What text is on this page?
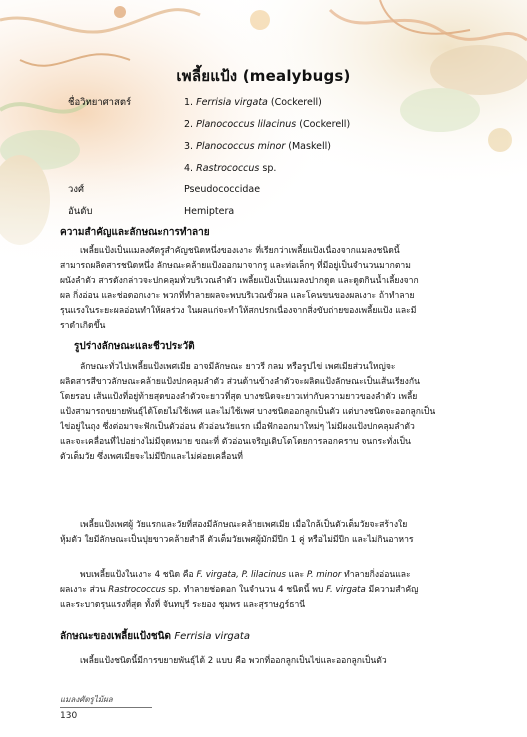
เพลี้ยแป้ง (mealybugs)
ชื่อวิทยาศาสตร์	1. Ferrisia virgata (Cockerell)
2. Planococcus lilacinus (Cockerell)
3. Planococcus minor (Maskell)
4. Rastrococcus sp.
วงศ์	Pseudococcidae
อันดับ	Hemiptera
ความสำคัญและลักษณะการทำลาย
เพลี้ยแป้งเป็นแมลงศัตรูสำคัญชนิดหนึ่งของเงาะ ที่เรียกว่าเพลี้ยแป้งเนื่องจากแมลงชนิดนี้
สามารถผลิตสารชนิดหนึ่ง ลักษณะคล้ายแป้งออกมาจากรู และท่อเล็กๆ ที่มีอยู่เป็นจำนวนมากตาม
ผนังลำตัว สารดังกล่าวจะปกคลุมทั่วบริเวณลำตัว เพลี้ยแป้งเป็นแมลงปากดูด และดูดกินน้ำเลี้ยงจาก
ผล กิ่งอ่อน และช่อดอกเงาะ พวกที่ทำลายผลจะพบบริเวณขั้วผล และโคนขนของผลเงาะ ถ้าทำลาย
รุนแรงในระยะผลอ่อนทำให้ผลร่วง ในผลแก่จะทำให้สกปรกเนื่องจากสิ่งขับถ่ายของเพลี้ยแป้ง และมี
ราดำเกิดขึ้น
รูปร่างลักษณะและชีวประวัติ
ลักษณะทั่วไปเพลี้ยแป้งเพศเมีย อาจมีลักษณะ ยาวรี กลม หรือรูปไข่ เพศเมียส่วนใหญ่จะ
ผลิตสารสีขาวลักษณะคล้ายแป้งปกคลุมลำตัว ส่วนด้านข้างลำตัวจะผลิตแป้งลักษณะเป็นเส้นเรียงกัน
โดยรอบ เส้นแป้งที่อยู่ท้ายสุดของลำตัวจะยาวที่สุด บางชนิดจะยาวเท่ากับความยาวของลำตัว เพลี้ย
แป้งสามารถขยายพันธุ์ได้โดยไม่ใช้เพศ และไม่ใช้เพศ บางชนิดออกลูกเป็นตัว แต่บางชนิดจะออกลูกเป็น
ไข่อยู่ในถุง ซึ่งต่อมาจะฟักเป็นตัวอ่อน ตัวอ่อนวัยแรก เมื่อฟักออกมาใหม่ๆ ไม่มีผงแป้งปกคลุมลำตัว
และจะเคลื่อนที่ไปอย่างไม่มีจุดหมาย ขณะที่ ตัวอ่อนเจริญเติบโตโดยการลอกคราบ จนกระทั่งเป็น
ตัวเต็มวัย ซึ่งเพศเมียจะไม่มีปีกและไม่ค่อยเคลื่อนที่
เพลี้ยแป้งเพศผู้ วัยแรกและวัยที่สองมีลักษณะคล้ายเพศเมีย เมื่อใกล้เป็นตัวเต็มวัยจะสร้างใย
หุ้มตัว ใยมีลักษณะเป็นปุยขาวคล้ายสำลี ตัวเต็มวัยเพศผู้มักมีปีก 1 คู่ หรือไม่มีปีก และไม่กินอาหาร
พบเพลี้ยแป้งในเงาะ 4 ชนิด คือ F. virgata, P. lilacinus และ P. minor ทำลายกิ่งอ่อนและ
ผลเงาะ ส่วน Rastrococcus sp. ทำลายช่อดอก ในจำนวน 4 ชนิดนี้ พบ F. virgata มีความสำคัญ
และระบาดรุนแรงที่สุด ทั้งที่ จันทบุรี ระยอง ชุมพร และสุราษฎร์ธานี
ลักษณะของเพลี้ยแป้งชนิด Ferrisia virgata
เพลี้ยแป้งชนิดนี้มีการขยายพันธุ์ได้ 2 แบบ คือ พวกที่ออกลูกเป็นไข่และออกลูกเป็นตัว
แมลงศัตรูไม้ผล
130
